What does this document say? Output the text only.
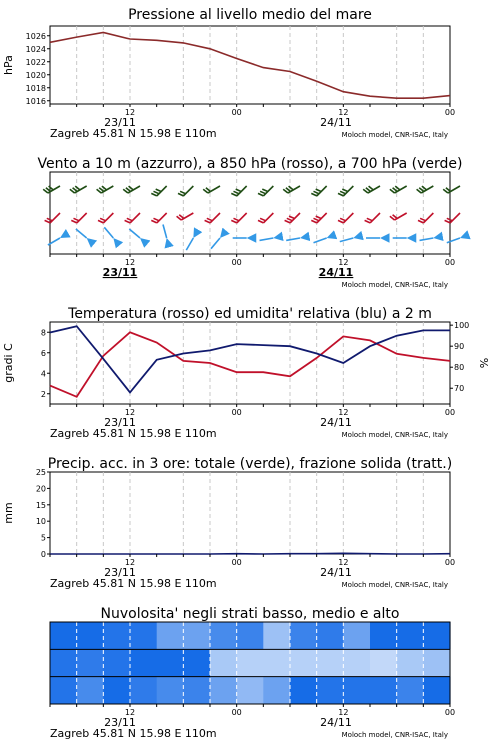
Pressione al livello medio del mare
1016
1018
1020
1022
1024
1026
hPa
12	00	12	00
23/11	24/11
Zagreb 45.81 N 15.98 E 110m	Moloch model, CNR-ISAC, Italy
Vento a 10 m (azzurro), a 850 hPa (rosso), a 700 hPa (verde)
12	00	12	00
23/11	24/11
Moloch model, CNR-ISAC, Italy
Temperatura (rosso) ed umidita' relativa (blu) a 2 m
2
4
6
8
70
80
90
100
gradi C	%
12	00	12	00
23/11	24/11
Zagreb 45.81 N 15.98 E 110m	Moloch model, CNR-ISAC, Italy
Precip. acc. in 3 ore: totale (verde), frazione solida (tratt.)
0
5
10
15
20
25
mm
12	00	12	00
23/11	24/11
Zagreb 45.81 N 15.98 E 110m	Moloch model, CNR-ISAC, Italy
Nuvolosita' negli strati basso, medio e alto
12	00	12	00
23/11	24/11
Zagreb 45.81 N 15.98 E 110m	Moloch model, CNR-ISAC, Italy
